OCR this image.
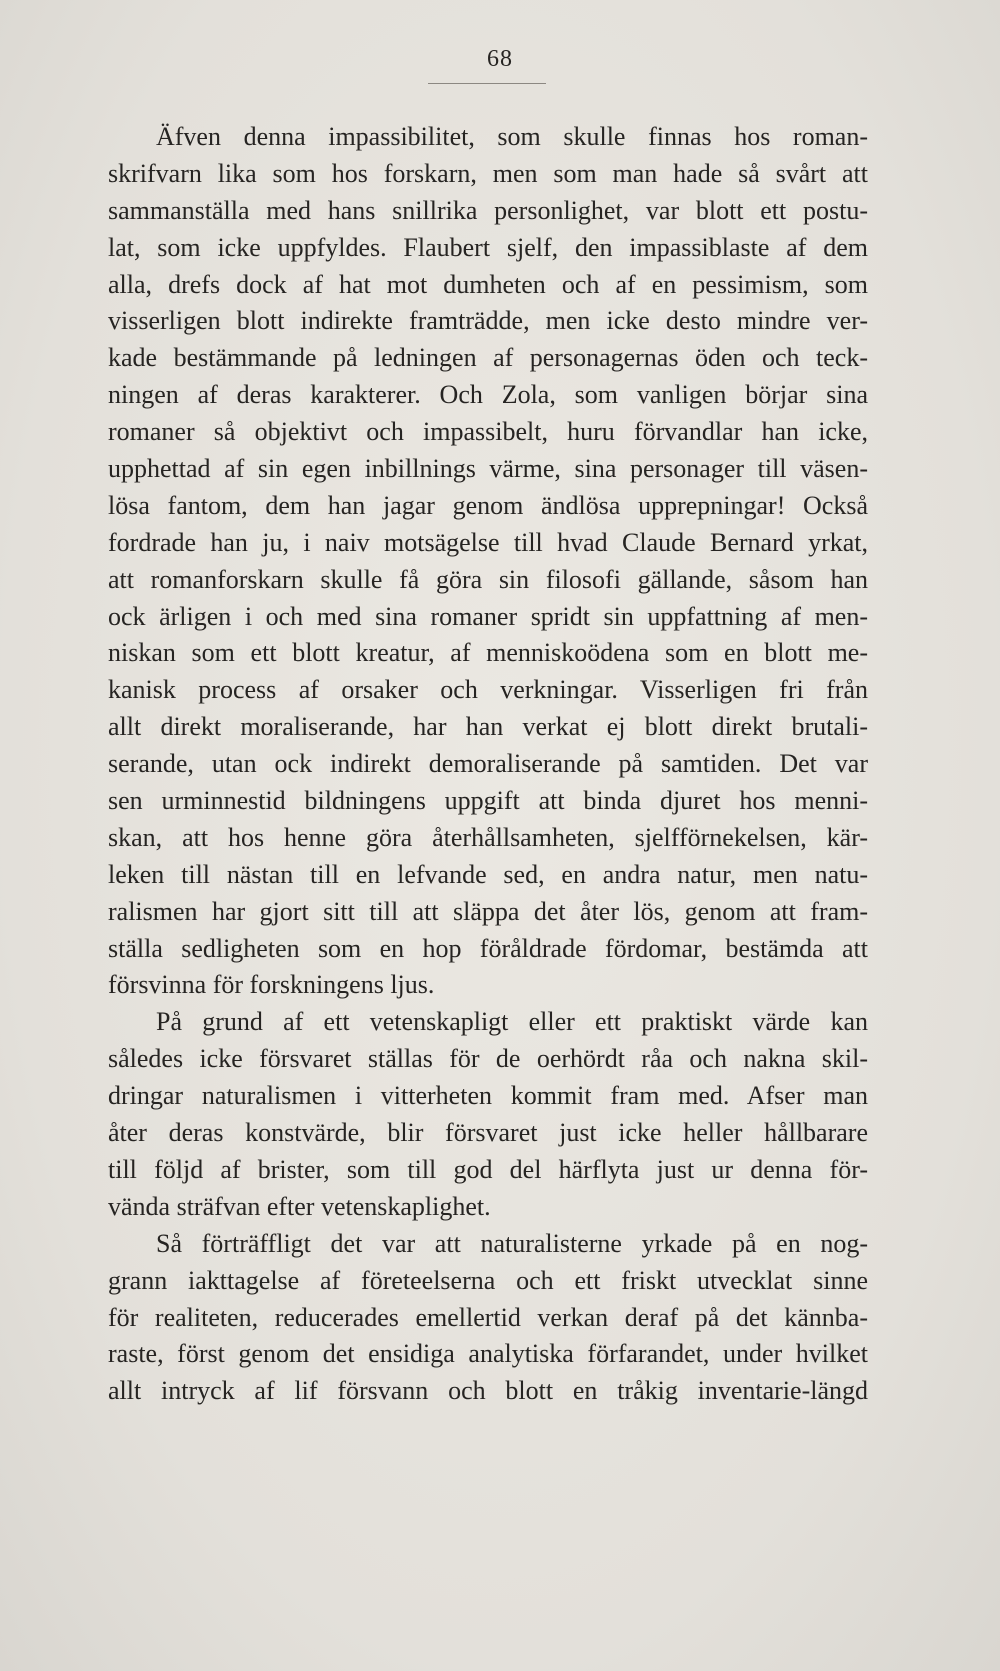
68
Äfven denna impassibilitet, som skulle finnas hos roman-
skrifvarn lika som hos forskarn, men som man hade så svårt att
sammanställa med hans snillrika personlighet, var blott ett postu-
lat, som icke uppfyldes. Flaubert sjelf, den impassiblaste af dem
alla, drefs dock af hat mot dumheten och af en pessimism, som
visserligen blott indirekte framträdde, men icke desto mindre ver-
kade bestämmande på ledningen af personagernas öden och teck-
ningen af deras karakterer. Och Zola, som vanligen börjar sina
romaner så objektivt och impassibelt, huru förvandlar han icke,
upphettad af sin egen inbillnings värme, sina personager till väsen-
lösa fantom, dem han jagar genom ändlösa upprepningar! Också
fordrade han ju, i naiv motsägelse till hvad Claude Bernard yrkat,
att romanforskarn skulle få göra sin filosofi gällande, såsom han
ock ärligen i och med sina romaner spridt sin uppfattning af men-
niskan som ett blott kreatur, af menniskoödena som en blott me-
kanisk process af orsaker och verkningar. Visserligen fri från
allt direkt moraliserande, har han verkat ej blott direkt brutali-
serande, utan ock indirekt demoraliserande på samtiden. Det var
sen urminnestid bildningens uppgift att binda djuret hos menni-
skan, att hos henne göra återhållsamheten, sjelfförnekelsen, kär-
leken till nästan till en lefvande sed, en andra natur, men natu-
ralismen har gjort sitt till att släppa det åter lös, genom att fram-
ställa sedligheten som en hop föråldrade fördomar, bestämda att
försvinna för forskningens ljus.
På grund af ett vetenskapligt eller ett praktiskt värde kan
således icke försvaret ställas för de oerhördt råa och nakna skil-
dringar naturalismen i vitterheten kommit fram med. Afser man
åter deras konstvärde, blir försvaret just icke heller hållbarare
till följd af brister, som till god del härflyta just ur denna för-
vända sträfvan efter vetenskaplighet.
Så förträffligt det var att naturalisterne yrkade på en nog-
grann iakttagelse af företeelserna och ett friskt utvecklat sinne
för realiteten, reducerades emellertid verkan deraf på det kännba-
raste, först genom det ensidiga analytiska förfarandet, under hvilket
allt intryck af lif försvann och blott en tråkig inventarie-längd
